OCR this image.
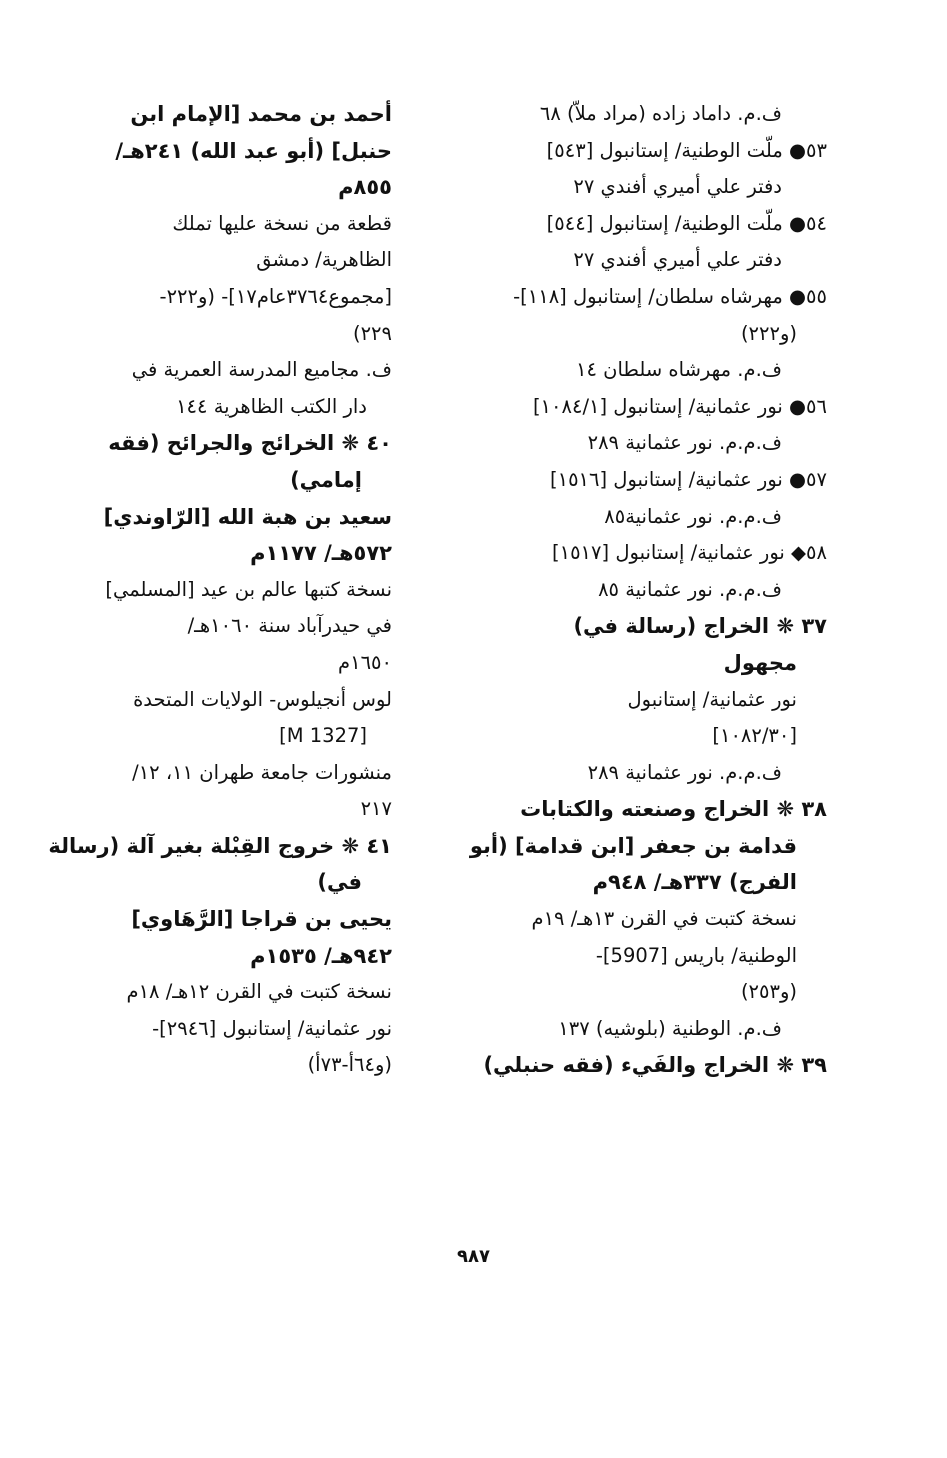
ف.م. داماد زاده (مراد ملاّ) ٦٨
٥٣● ملّت الوطنية/ إستانبول [٥٤٣]
دفتر علي أميري أفندي ٢٧
٥٤● ملّت الوطنية/ إستانبول [٥٤٤]
دفتر علي أميري أفندي ٢٧
٥٥● مهرشاه سلطان/ إستانبول [١١٨]-
(و٢٢٢)
ف.م. مهرشاه سلطان ١٤
٥٦● نور عثمانية/ إستانبول [١٠٨٤/١]
ف.م.م. نور عثمانية ٢٨٩
٥٧● نور عثمانية/ إستانبول [١٥١٦]
ف.م.م. نور عثمانية٨٥
٥٨◆ نور عثمانية/ إستانبول [١٥١٧]
ف.م.م. نور عثمانية ٨٥
٣٧ ❋ الخراج (رسالة في)
مجهول
نور عثمانية/ إستانبول
[١٠٨٢/٣٠]
ف.م.م. نور عثمانية ٢٨٩
٣٨ ❋ الخراج وصنعته والكتابات
قدامة بن جعفر [ابن قدامة] (أبو
الفرج) ٣٣٧هـ/ ٩٤٨م
نسخة كتبت في القرن ١٣هـ/ ١٩م
الوطنية/ باريس [5907]-
(و٢٥٣)
ف.م. الوطنية (بلوشيه) ١٣٧
٣٩ ❋ الخراج والفَيء (فقه حنبلي)
أحمد بن محمد [الإمام ابن
حنبل] (أبو عبد الله) ٢٤١هـ/
٨٥٥م
قطعة من نسخة عليها تملك
الظاهرية/ دمشق
[مجموع٣٧٦٤عام١٧]- (و٢٢٢-
٢٢٩)
ف. مجاميع المدرسة العمرية في
دار الكتب الظاهرية ١٤٤
٤٠ ❋ الخرائج والجرائح (فقه
إمامي)
سعيد بن هبة الله [الرّاوندي]
٥٧٢هـ/ ١١٧٧م
نسخة كتبها عالم بن عيد [المسلمي]
في حيدرآباد سنة ١٠٦٠هـ/
١٦٥٠م
لوس أنجيلوس- الولايات المتحدة
[M 1327]
منشورات جامعة طهران ١١، ١٢/
٢١٧
٤١ ❋ خروج القِبْلة بغير آلة (رسالة
في)
يحيى بن قراجا [الرَّهَاوي]
٩٤٢هـ/ ١٥٣٥م
نسخة كتبت في القرن ١٢هـ/ ١٨م
نور عثمانية/ إستانبول [٢٩٤٦]-
(و٦٤أ-٧٣أ)
٩٨٧
